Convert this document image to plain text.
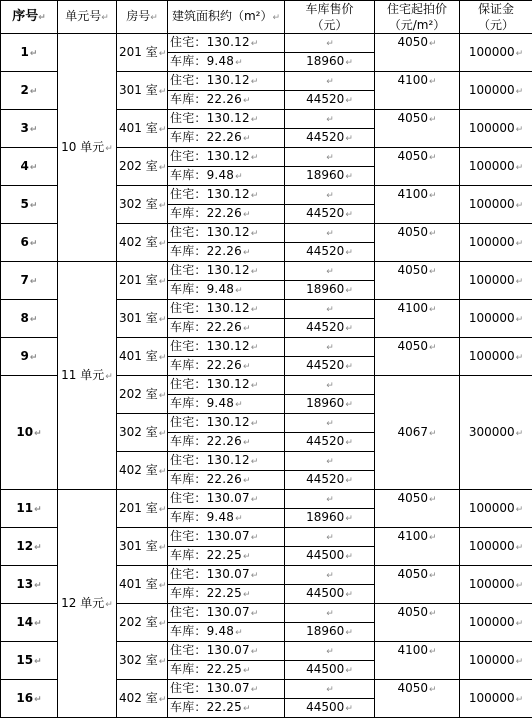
序号↵	单元号↵	房号↵	建筑面积约（m²）↵	车库售价
（元）	住宅起拍价
（元/m²）	保证金
（元）

1↵	10 单元↵	201 室↵	住宅：130.12↵	↵	4050↵	100000↵
			车库：9.48↵	18960↵		
2↵		301 室↵	住宅：130.12↵	↵	4100↵	100000↵
			车库：22.26↵	44520↵		
3↵		401 室↵	住宅：130.12↵	↵	4050↵	100000↵
			车库：22.26↵	44520↵		
4↵		202 室↵	住宅：130.12↵	↵	4050↵	100000↵
			车库：9.48↵	18960↵		
5↵		302 室↵	住宅：130.12↵	↵	4100↵	100000↵
			车库：22.26↵	44520↵		
6↵		402 室↵	住宅：130.12↵	↵	4050↵	100000↵
			车库：22.26↵	44520↵		
7↵	11 单元↵	201 室↵	住宅：130.12↵	↵	4050↵	100000↵
			车库：9.48↵	18960↵		
8↵		301 室↵	住宅：130.12↵	↵	4100↵	100000↵
			车库：22.26↵	44520↵		
9↵		401 室↵	住宅：130.12↵	↵	4050↵	100000↵
			车库：22.26↵	44520↵		
10↵		202 室↵	住宅：130.12↵	↵	4067↵	300000↵
			车库：9.48↵	18960↵		
		302 室↵	住宅：130.12↵	↵		
			车库：22.26↵	44520↵		
		402 室↵	住宅：130.12↵	↵		
			车库：22.26↵	44520↵		
11↵	12 单元↵	201 室↵	住宅：130.07↵	↵	4050↵	100000↵
			车库：9.48↵	18960↵		
12↵		301 室↵	住宅：130.07↵	↵	4100↵	100000↵
			车库：22.25↵	44500↵		
13↵		401 室↵	住宅：130.07↵	↵	4050↵	100000↵
			车库：22.25↵	44500↵		
14↵		202 室↵	住宅：130.07↵	↵	4050↵	100000↵
			车库：9.48↵	18960↵		
15↵		302 室↵	住宅：130.07↵	↵	4100↵	100000↵
			车库：22.25↵	44500↵		
16↵		402 室↵	住宅：130.07↵	↵	4050↵	100000↵
			车库：22.25↵	44500↵		
